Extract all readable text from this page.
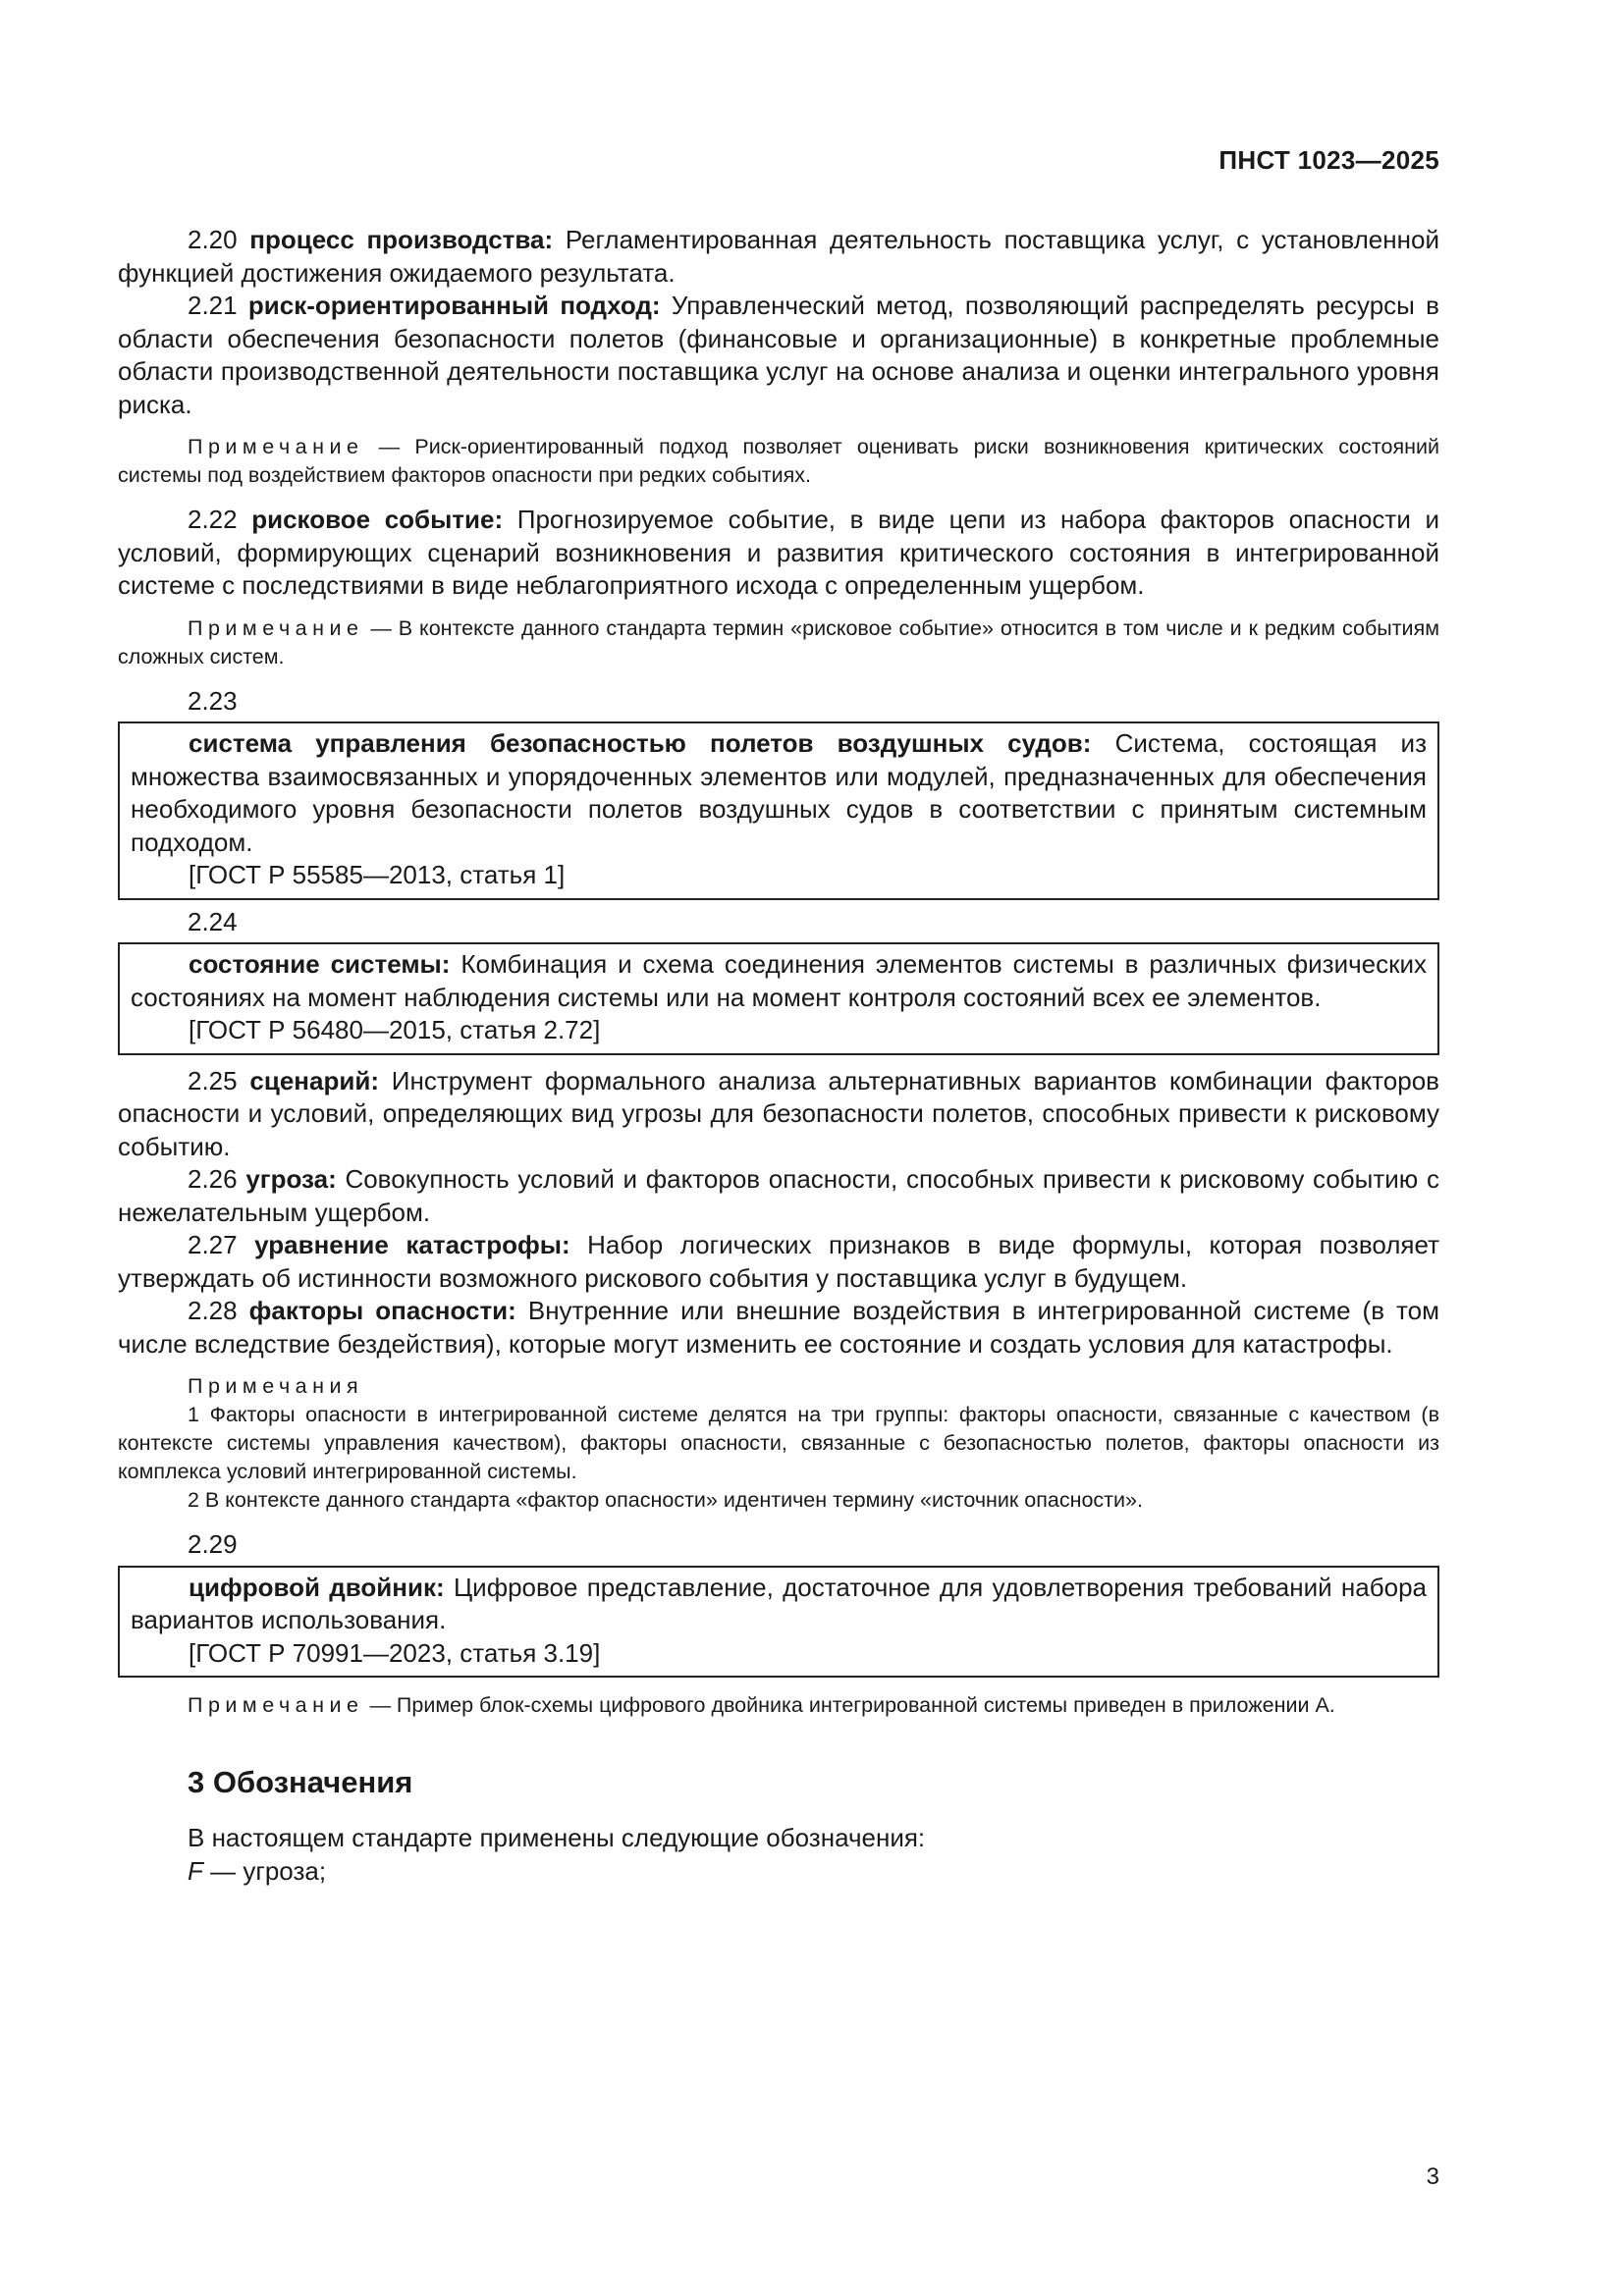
ПНСТ 1023—2025

2.20 процесс производства: Регламентированная деятельность поставщика услуг, с установленной функцией достижения ожидаемого результата.

2.21 риск-ориентированный подход: Управленческий метод, позволяющий распределять ресурсы в области обеспечения безопасности полетов (финансовые и организационные) в конкретные проблемные области производственной деятельности поставщика услуг на основе анализа и оценки интегрального уровня риска.

Примечание — Риск-ориентированный подход позволяет оценивать риски возникновения критических состояний системы под воздействием факторов опасности при редких событиях.

2.22 рисковое событие: Прогнозируемое событие, в виде цепи из набора факторов опасности и условий, формирующих сценарий возникновения и развития критического состояния в интегрированной системе с последствиями в виде неблагоприятного исхода с определенным ущербом.

Примечание — В контексте данного стандарта термин «рисковое событие» относится в том числе и к редким событиям сложных систем.

2.23

система управления безопасностью полетов воздушных судов: Система, состоящая из множества взаимосвязанных и упорядоченных элементов или модулей, предназначенных для обеспечения необходимого уровня безопасности полетов воздушных судов в соответствии с принятым системным подходом.

[ГОСТ Р 55585—2013, статья 1]

2.24

состояние системы: Комбинация и схема соединения элементов системы в различных физических состояниях на момент наблюдения системы или на момент контроля состояний всех ее элементов.

[ГОСТ Р 56480—2015, статья 2.72]

2.25 сценарий: Инструмент формального анализа альтернативных вариантов комбинации факторов опасности и условий, определяющих вид угрозы для безопасности полетов, способных привести к рисковому событию.

2.26 угроза: Совокупность условий и факторов опасности, способных привести к рисковому событию с нежелательным ущербом.

2.27 уравнение катастрофы: Набор логических признаков в виде формулы, которая позволяет утверждать об истинности возможного рискового события у поставщика услуг в будущем.

2.28 факторы опасности: Внутренние или внешние воздействия в интегрированной системе (в том числе вследствие бездействия), которые могут изменить ее состояние и создать условия для катастрофы.

Примечания

1 Факторы опасности в интегрированной системе делятся на три группы: факторы опасности, связанные с качеством (в контексте системы управления качеством), факторы опасности, связанные с безопасностью полетов, факторы опасности из комплекса условий интегрированной системы.

2 В контексте данного стандарта «фактор опасности» идентичен термину «источник опасности».

2.29

цифровой двойник: Цифровое представление, достаточное для удовлетворения требований набора вариантов использования.

[ГОСТ Р 70991—2023, статья 3.19]

Примечание — Пример блок-схемы цифрового двойника интегрированной системы приведен в приложении А.

3 Обозначения

В настоящем стандарте применены следующие обозначения:

F — угроза;

3
